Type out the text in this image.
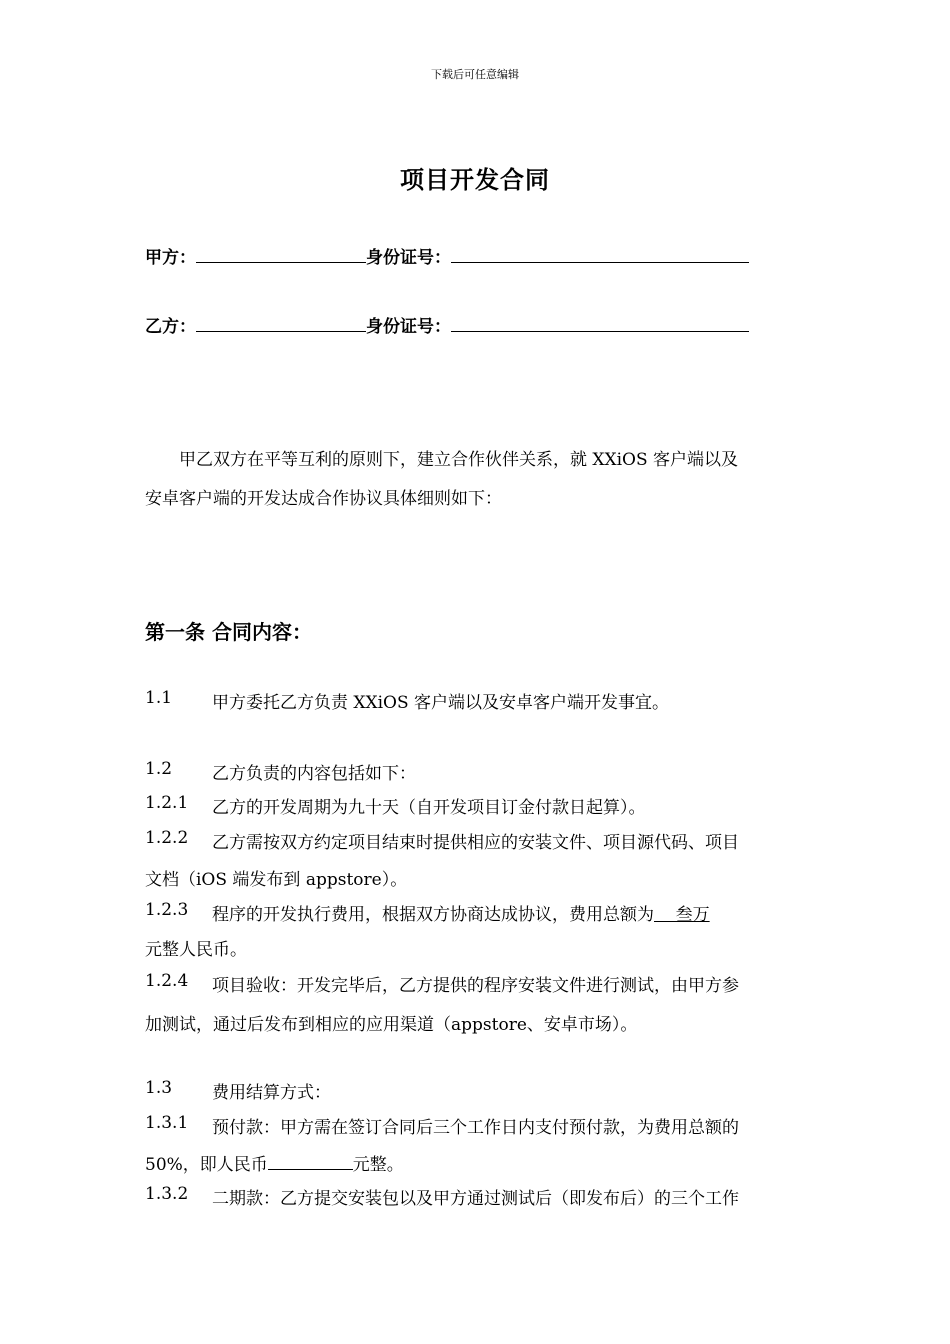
下载后可任意编辑
项目开发合同
甲方：	身份证号：
乙方：	身份证号：
甲乙双方在平等互利的原则下，建立合作伙伴关系，就 XXiOS 客户端以及
安卓客户端的开发达成合作协议具体细则如下：
第一条 合同内容：
1.1 甲方委托乙方负责 XXiOS 客户端以及安卓客户端开发事宜。
1.2 乙方负责的内容包括如下：
1.2.1 乙方的开发周期为九十天（自开发项目订金付款日起算）。
1.2.2 乙方需按双方约定项目结束时提供相应的安装文件、项目源代码、项目
文档（iOS 端发布到 appstore）。
1.2.3 程序的开发执行费用，根据双方协商达成协议，费用总额为    叁万
元整人民币。
1.2.4 项目验收：开发完毕后，乙方提供的程序安装文件进行测试，由甲方参
加测试，通过后发布到相应的应用渠道（appstore、安卓市场）。
1.3 费用结算方式：
1.3.1 预付款：甲方需在签订合同后三个工作日内支付预付款，为费用总额的
50%，即人民币	元整。
1.3.2 二期款：乙方提交安装包以及甲方通过测试后（即发布后）的三个工作
